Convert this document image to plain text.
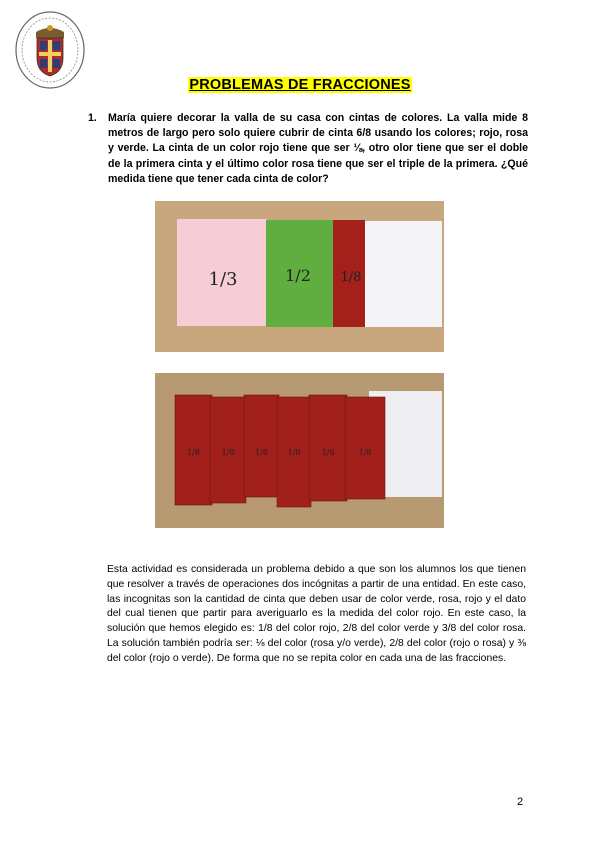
PROBLEMAS DE FRACCIONES
1. María quiere decorar la valla de su casa con cintas de colores. La valla mide 8 metros de largo pero solo quiere cubrir de cinta 6/8 usando los colores; rojo, rosa y verde. La cinta de un color rojo tiene que ser ⅛, otro olor tiene que ser el doble de la primera cinta y el último color rosa tiene que ser el triple de la primera. ¿Qué medida tiene que tener cada cinta de color?
1/3	1/2 1/8
1/8	1/8	1/8 1/8	1/8	1/8
Esta actividad es considerada un problema debido a que son los alumnos los que tienen que resolver a través de operaciones dos incógnitas a partir de una entidad. En este caso, las incognitas son la cantidad de cinta que deben usar de color verde, rosa, rojo y el dato del cual tienen que partir para averiguarlo es la medida del color rojo. En este caso, la solución que hemos elegido es: 1/8 del color rojo, 2/8 del color verde y 3/8 del color rosa. La solución también podría ser: ⅛ del color (rosa y/o verde), 2/8 del color (rojo o rosa) y ⅜ del color (rojo o verde). De forma que no se repita color en cada una de las fracciones.
2
